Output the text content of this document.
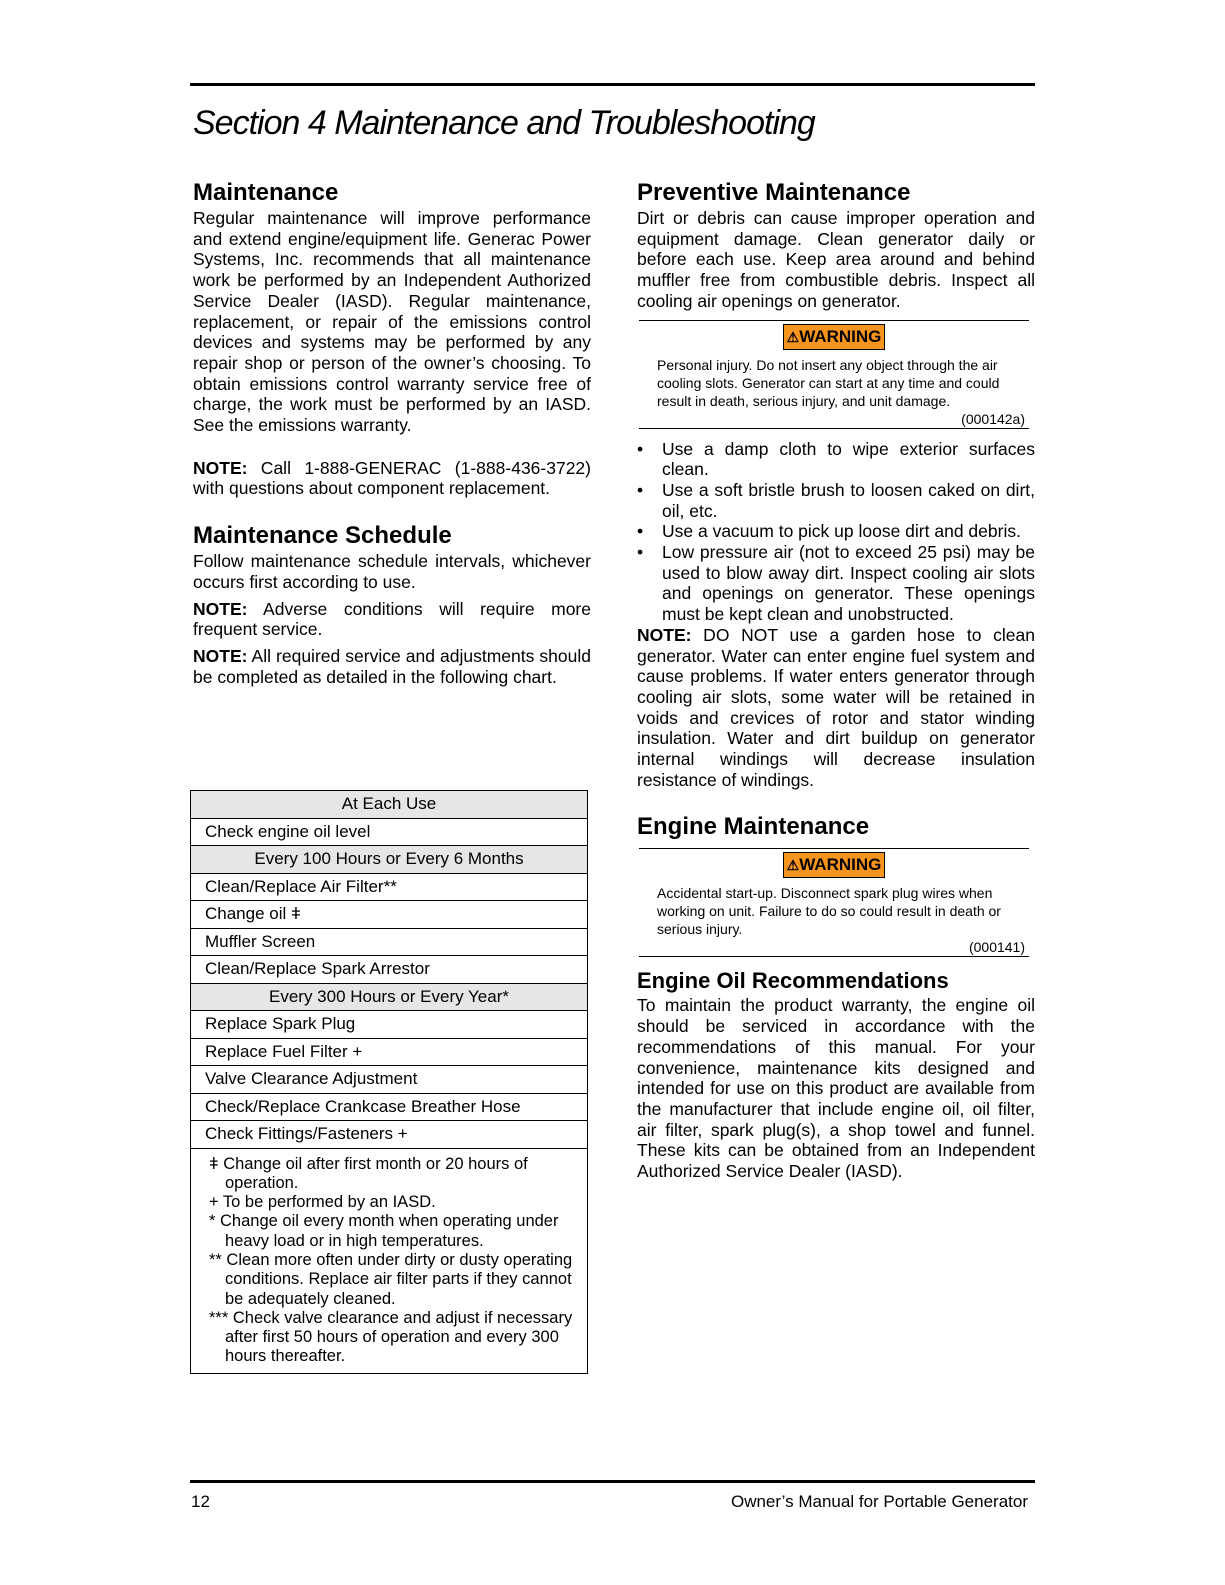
Section 4 Maintenance and Troubleshooting
Maintenance

Regular maintenance will improve performance and extend engine/equipment life. Generac Power Systems, Inc. recommends that all maintenance work be performed by an Independent Authorized Service Dealer (IASD). Regular maintenance, replacement, or repair of the emissions control devices and systems may be performed by any repair shop or person of the owner’s choosing. To obtain emissions control warranty service free of charge, the work must be performed by an IASD. See the emissions warranty.

NOTE: Call 1-888-GENERAC (1-888-436-3722) with questions about component replacement.

Maintenance Schedule

Follow maintenance schedule intervals, whichever occurs first according to use.

NOTE: Adverse conditions will require more frequent service.

NOTE: All required service and adjustments should be completed as detailed in the following chart.

At Each Use
Check engine oil level
Every 100 Hours or Every 6 Months
Clean/Replace Air Filter**
Change oil ǂ
Muffler Screen
Clean/Replace Spark Arrestor
Every 300 Hours or Every Year*
Replace Spark Plug
Replace Fuel Filter +
Valve Clearance Adjustment
Check/Replace Crankcase Breather Hose
Check Fittings/Fasteners +

ǂ Change oil after first month or 20 hours of operation.
+ To be performed by an IASD.
* Change oil every month when operating under heavy load or in high temperatures.
** Clean more often under dirty or dusty operating conditions. Replace air filter parts if they cannot be adequately cleaned.
*** Check valve clearance and adjust if necessary after first 50 hours of operation and every 300 hours thereafter.
Preventive Maintenance

Dirt or debris can cause improper operation and equipment damage. Clean generator daily or before each use. Keep area around and behind muffler free from combustible debris. Inspect all cooling air openings on generator.

⚠WARNING
Personal injury. Do not insert any object through the air cooling slots. Generator can start at any time and could result in death, serious injury, and unit damage.
(000142a)
• Use a damp cloth to wipe exterior surfaces clean.
• Use a soft bristle brush to loosen caked on dirt, oil, etc.
• Use a vacuum to pick up loose dirt and debris.
• Low pressure air (not to exceed 25 psi) may be used to blow away dirt. Inspect cooling air slots and openings on generator. These openings must be kept clean and unobstructed.

NOTE: DO NOT use a garden hose to clean generator. Water can enter engine fuel system and cause problems. If water enters generator through cooling air slots, some water will be retained in voids and crevices of rotor and stator winding insulation. Water and dirt buildup on generator internal windings will decrease insulation resistance of windings.

Engine Maintenance
⚠WARNING
Accidental start-up. Disconnect spark plug wires when working on unit. Failure to do so could result in death or serious injury.
(000141)
Engine Oil Recommendations

To maintain the product warranty, the engine oil should be serviced in accordance with the recommendations of this manual. For your convenience, maintenance kits designed and intended for use on this product are available from the manufacturer that include engine oil, oil filter, air filter, spark plug(s), a shop towel and funnel. These kits can be obtained from an Independent Authorized Service Dealer (IASD).

12	Owner’s Manual for Portable Generator
